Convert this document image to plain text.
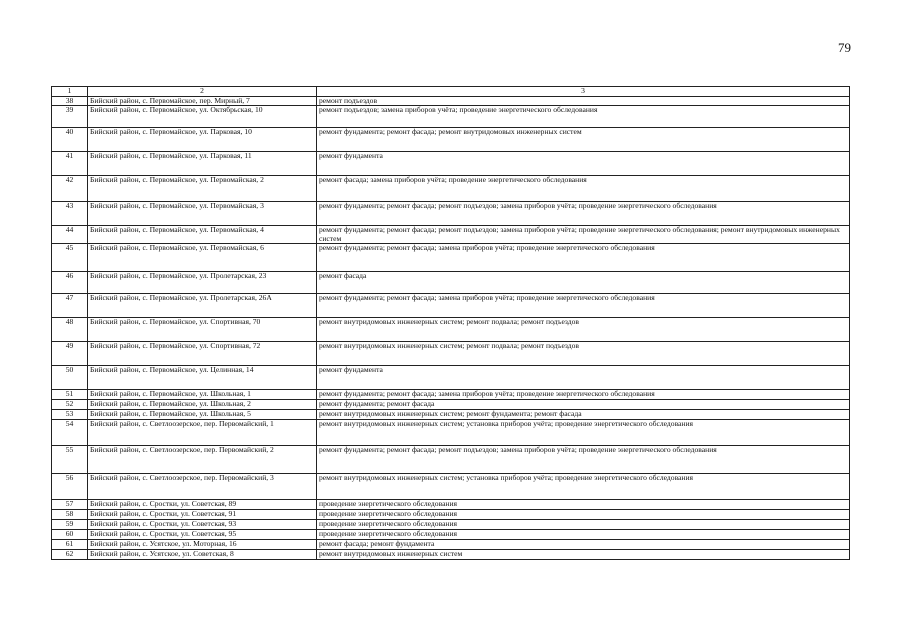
79
1	2	3
38	Бийский район, с. Первомайское, пер. Мирный, 7	ремонт подъездов
39	Бийский район, с. Первомайское, ул. Октябрьская, 10	ремонт подъездов; замена приборов учёта; проведение энергетического обследования
40	Бийский район, с. Первомайское, ул. Парковая, 10	ремонт фундамента; ремонт фасада; ремонт внутридомовых инженерных систем
41	Бийский район, с. Первомайское, ул. Парковая, 11	ремонт фундамента
42	Бийский район, с. Первомайское, ул. Первомайская, 2	ремонт фасада; замена приборов учёта; проведение энергетического обследования
43	Бийский район, с. Первомайское, ул. Первомайская, 3	ремонт фундамента; ремонт фасада; ремонт подъездов; замена приборов учёта; проведение энергетического обследования
44	Бийский район, с. Первомайское, ул. Первомайская, 4	ремонт фундамента; ремонт фасада; ремонт подъездов; замена приборов учёта; проведение энергетического обследования; ремонт внутридомовых инженерных систем
45	Бийский район, с. Первомайское, ул. Первомайская, 6	ремонт фундамента; ремонт фасада; замена приборов учёта; проведение энергетического обследования
46	Бийский район, с. Первомайское, ул. Пролетарская, 23	ремонт фасада
47	Бийский район, с. Первомайское, ул. Пролетарская, 26А	ремонт фундамента; ремонт фасада; замена приборов учёта; проведение энергетического обследования
48	Бийский район, с. Первомайское, ул. Спортивная, 70	ремонт внутридомовых инженерных систем; ремонт подвала; ремонт подъездов
49	Бийский район, с. Первомайское, ул. Спортивная, 72	ремонт внутридомовых инженерных систем; ремонт подвала; ремонт подъездов
50	Бийский район, с. Первомайское, ул. Целинная, 14	ремонт фундамента
51	Бийский район, с. Первомайское, ул. Школьная, 1	ремонт фундамента; ремонт фасада; замена приборов учёта; проведение энергетического обследования
52	Бийский район, с. Первомайское, ул. Школьная, 2	ремонт фундамента; ремонт фасада
53	Бийский район, с. Первомайское, ул. Школьная, 5	ремонт внутридомовых инженерных систем; ремонт фундамента; ремонт фасада
54	Бийский район, с. Светлоозерское, пер. Первомайский, 1	ремонт внутридомовых инженерных систем; установка приборов учёта; проведение энергетического обследования
55	Бийский район, с. Светлоозерское, пер. Первомайский, 2	ремонт фундамента; ремонт фасада; ремонт подъездов; замена приборов учёта; проведение энергетического обследования
56	Бийский район, с. Светлоозерское, пер. Первомайский, 3	ремонт внутридомовых инженерных систем; установка приборов учёта; проведение энергетического обследования
57	Бийский район, с. Сростки, ул. Советская, 89	проведение энергетического обследования
58	Бийский район, с. Сростки, ул. Советская, 91	проведение энергетического обследования
59	Бийский район, с. Сростки, ул. Советская, 93	проведение энергетического обследования
60	Бийский район, с. Сростки, ул. Советская, 95	проведение энергетического обследования
61	Бийский район, с. Усятское, ул. Моторная, 16	ремонт фасада; ремонт фундамента
62	Бийский район, с. Усятское, ул. Советская, 8	ремонт внутридомовых инженерных систем
